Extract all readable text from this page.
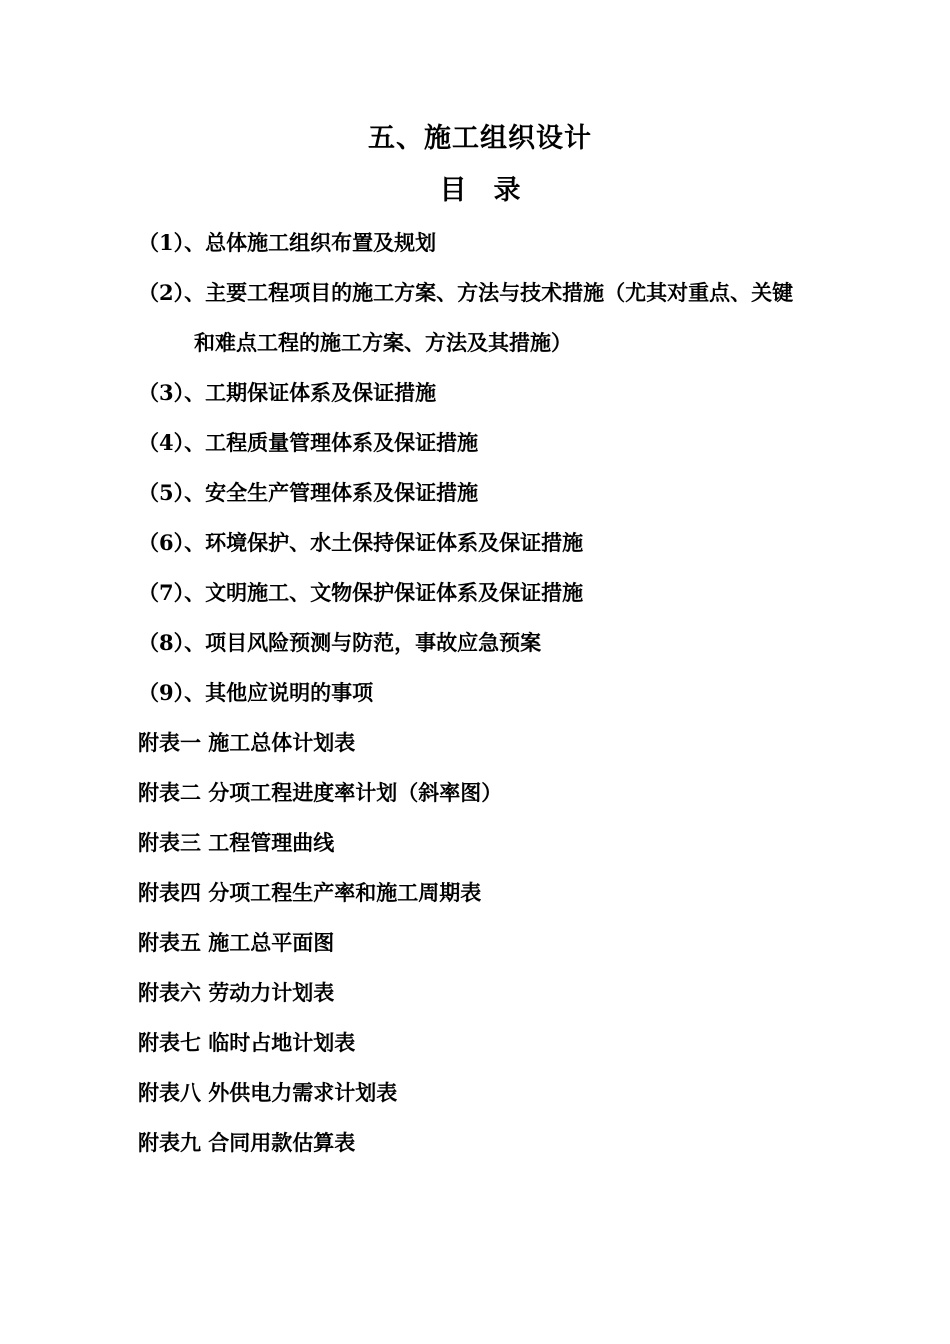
五、施工组织设计
目　录
（1）、总体施工组织布置及规划
（2）、主要工程项目的施工方案、方法与技术措施（尤其对重点、关键
和难点工程的施工方案、方法及其措施）
（3）、工期保证体系及保证措施
（4）、工程质量管理体系及保证措施
（5）、安全生产管理体系及保证措施
（6）、环境保护、水土保持保证体系及保证措施
（7）、文明施工、文物保护保证体系及保证措施
（8）、项目风险预测与防范，事故应急预案
（9）、其他应说明的事项
附表一 施工总体计划表
附表二 分项工程进度率计划（斜率图）
附表三 工程管理曲线
附表四 分项工程生产率和施工周期表
附表五 施工总平面图
附表六 劳动力计划表
附表七 临时占地计划表
附表八 外供电力需求计划表
附表九 合同用款估算表
